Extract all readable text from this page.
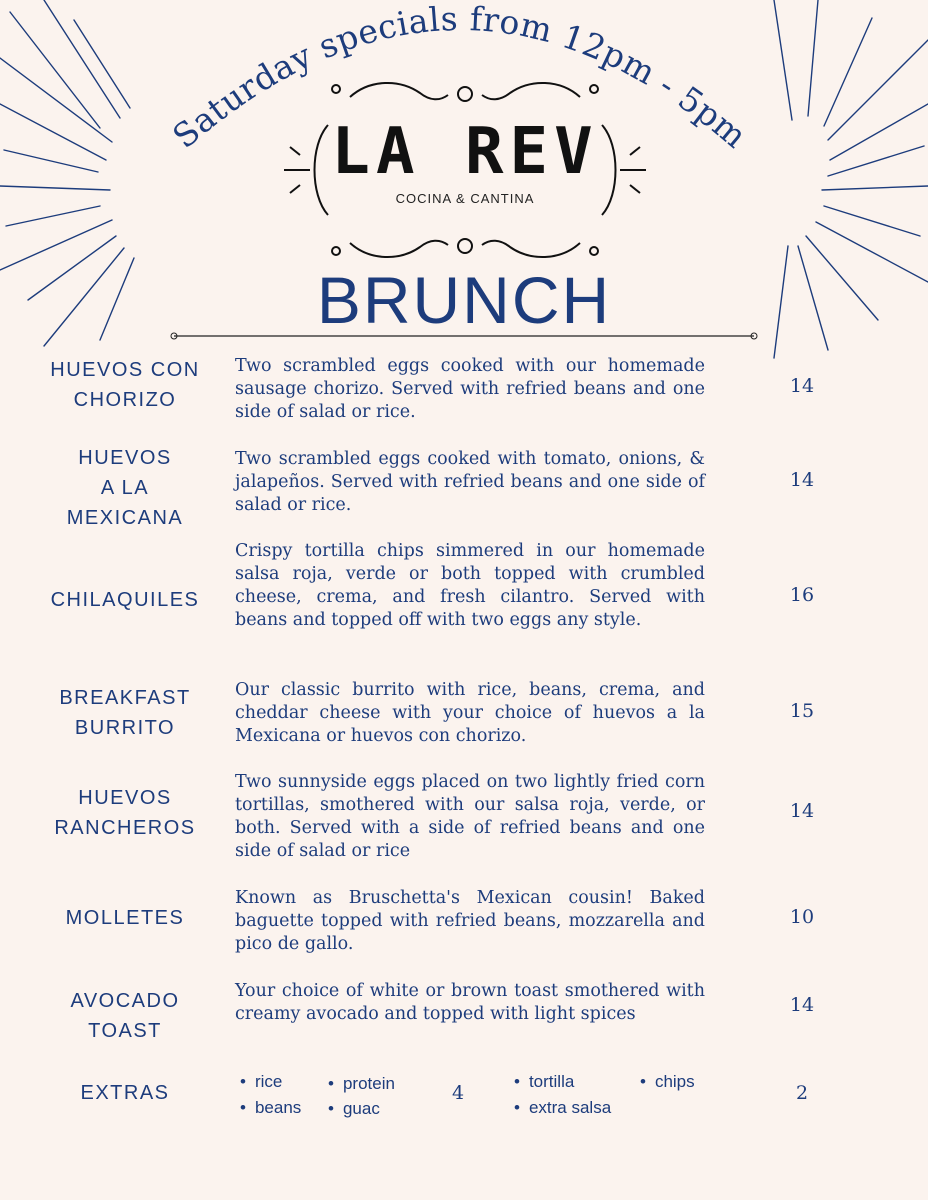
Saturday specials from 12pm - 5pm
LA REV
COCINA & CANTINA
BRUNCH
HUEVOS CON
CHORIZO
Two scrambled eggs cooked with our homemade sausage chorizo. Served with refried beans and one side of salad or rice.
14
HUEVOS
A LA
MEXICANA
Two scrambled eggs cooked with tomato, onions, & jalapeños. Served with refried beans and one side of salad or rice.
14
CHILAQUILES
Crispy tortilla chips simmered in our homemade salsa roja, verde or both topped with crumbled cheese, crema, and fresh cilantro. Served with beans and topped off with two eggs any style.
16
BREAKFAST
BURRITO
Our classic burrito with rice, beans, crema, and cheddar cheese with your choice of huevos a la Mexicana or huevos con chorizo.
15
HUEVOS
RANCHEROS
Two sunnyside eggs placed on two lightly fried corn tortillas, smothered with our salsa roja, verde, or both. Served with a side of refried beans and one side of salad or rice
14
MOLLETES
Known as Bruschetta's Mexican cousin! Baked baguette topped with refried beans, mozzarella and pico de gallo.
10
AVOCADO
TOAST
Your choice of white or brown toast smothered with creamy avocado and topped with light spices	14
EXTRAS
• rice
• beans
• protein
• guac
4
• tortilla
• extra salsa
• chips
2
